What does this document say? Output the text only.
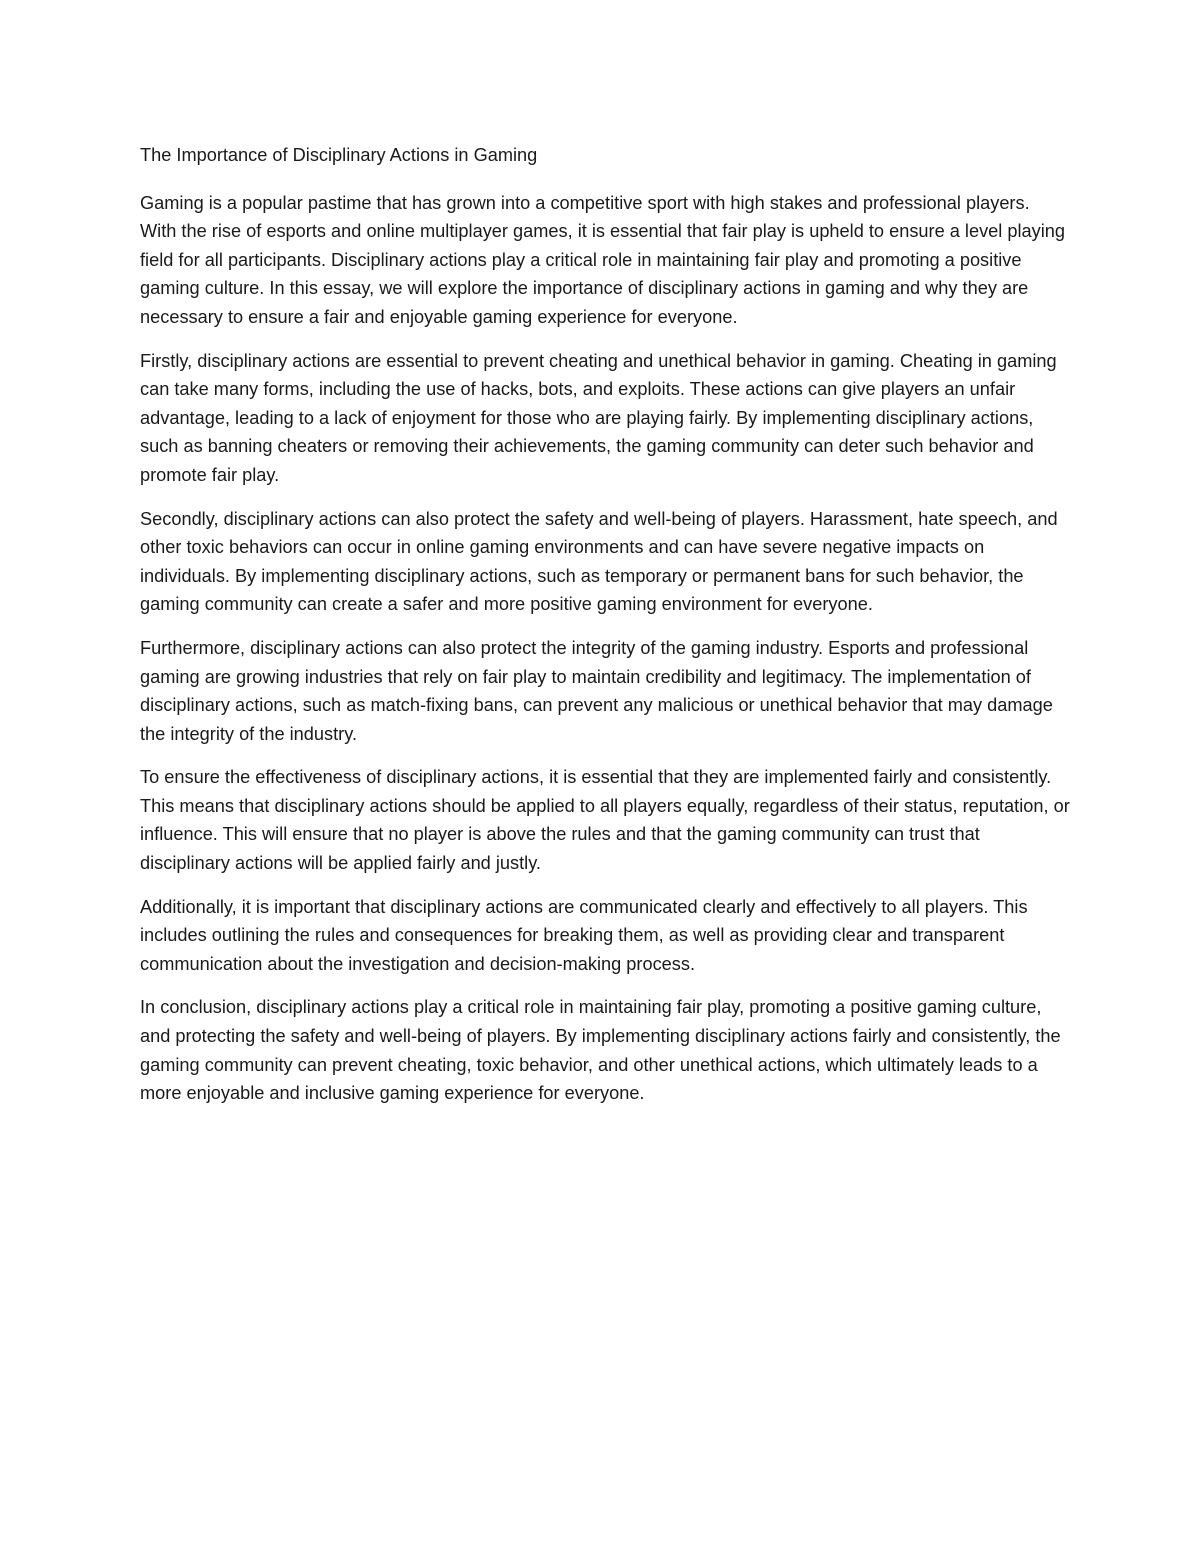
The Importance of Disciplinary Actions in Gaming

Gaming is a popular pastime that has grown into a competitive sport with high stakes and professional players. With the rise of esports and online multiplayer games, it is essential that fair play is upheld to ensure a level playing field for all participants. Disciplinary actions play a critical role in maintaining fair play and promoting a positive gaming culture. In this essay, we will explore the importance of disciplinary actions in gaming and why they are necessary to ensure a fair and enjoyable gaming experience for everyone.

Firstly, disciplinary actions are essential to prevent cheating and unethical behavior in gaming. Cheating in gaming can take many forms, including the use of hacks, bots, and exploits. These actions can give players an unfair advantage, leading to a lack of enjoyment for those who are playing fairly. By implementing disciplinary actions, such as banning cheaters or removing their achievements, the gaming community can deter such behavior and promote fair play.

Secondly, disciplinary actions can also protect the safety and well-being of players. Harassment, hate speech, and other toxic behaviors can occur in online gaming environments and can have severe negative impacts on individuals. By implementing disciplinary actions, such as temporary or permanent bans for such behavior, the gaming community can create a safer and more positive gaming environment for everyone.

Furthermore, disciplinary actions can also protect the integrity of the gaming industry. Esports and professional gaming are growing industries that rely on fair play to maintain credibility and legitimacy. The implementation of disciplinary actions, such as match-fixing bans, can prevent any malicious or unethical behavior that may damage the integrity of the industry.

To ensure the effectiveness of disciplinary actions, it is essential that they are implemented fairly and consistently. This means that disciplinary actions should be applied to all players equally, regardless of their status, reputation, or influence. This will ensure that no player is above the rules and that the gaming community can trust that disciplinary actions will be applied fairly and justly.

Additionally, it is important that disciplinary actions are communicated clearly and effectively to all players. This includes outlining the rules and consequences for breaking them, as well as providing clear and transparent communication about the investigation and decision-making process.

In conclusion, disciplinary actions play a critical role in maintaining fair play, promoting a positive gaming culture, and protecting the safety and well-being of players. By implementing disciplinary actions fairly and consistently, the gaming community can prevent cheating, toxic behavior, and other unethical actions, which ultimately leads to a more enjoyable and inclusive gaming experience for everyone.
